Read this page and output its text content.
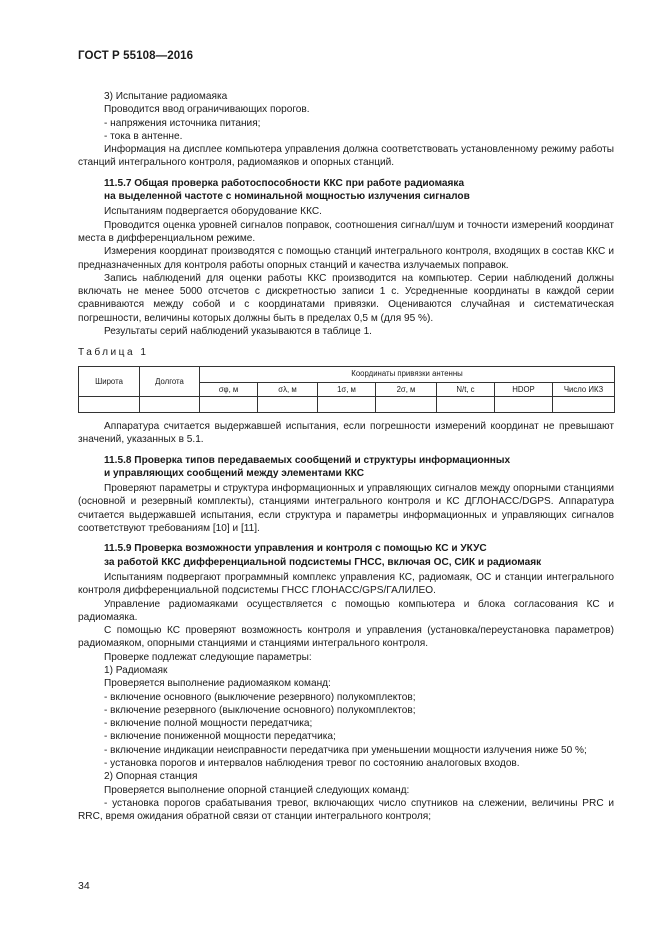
ГОСТ Р 55108—2016
3) Испытание радиомаяка
Проводится ввод ограничивающих порогов.
- напряжения источника питания;
- тока в антенне.
Информация на дисплее компьютера управления должна соответствовать установленному режиму работы станций интегрального контроля, радиомаяков и опорных станций.
11.5.7 Общая проверка работоспособности ККС при работе радиомаяка
на выделенной частоте с номинальной мощностью излучения сигналов
Испытаниям подвергается оборудование ККС.
Проводится оценка уровней сигналов поправок, соотношения сигнал/шум и точности измерений координат места в дифференциальном режиме.
Измерения координат производятся с помощью станций интегрального контроля, входящих в состав ККС и предназначенных для контроля работы опорных станций и качества излучаемых поправок.
Запись наблюдений для оценки работы ККС производится на компьютер. Серии наблюдений должны включать не менее 5000 отсчетов с дискретностью записи 1 с. Усредненные координаты в каждой серии сравниваются между собой и с координатами привязки. Оцениваются случайная и систематическая погрешности, величины которых должны быть в пределах 0,5 м (для 95 %).
Результаты серий наблюдений указываются в таблице 1.
Таблица 1
Широта	Долгота	Координаты привязки антенны						
		σφ, м	σλ, м	1σ, м	2σ, м	N/t, с	HDOP	Число ИКЗ

Аппаратура считается выдержавшей испытания, если погрешности измерений координат не превышают значений, указанных в 5.1.
11.5.8 Проверка типов передаваемых сообщений и структуры информационных
и управляющих сообщений между элементами ККС
Проверяют параметры и структура информационных и управляющих сигналов между опорными станциями (основной и резервный комплекты), станциями интегрального контроля и КС ДГЛОНАСС/DGPS. Аппаратура считается выдержавшей испытания, если структура и параметры информационных и управляющих сигналов соответствуют требованиям [10] и [11].
11.5.9 Проверка возможности управления и контроля с помощью КС и УКУС
за работой ККС дифференциальной подсистемы ГНСС, включая ОС, СИК и радиомаяк
Испытаниям подвергают программный комплекс управления КС, радиомаяк, ОС и станции интегрального контроля дифференциальной подсистемы ГНСС ГЛОНАСС/GPS/ГАЛИЛЕО.
Управление радиомаяками осуществляется с помощью компьютера и блока согласования КС и радиомаяка.
С помощью КС проверяют возможность контроля и управления (установка/переустановка параметров) радиомаяком, опорными станциями и станциями интегрального контроля.
Проверке подлежат следующие параметры:
1) Радиомаяк
Проверяется выполнение радиомаяком команд:
- включение основного (выключение резервного) полукомплектов;
- включение резервного (выключение основного) полукомплектов;
- включение полной мощности передатчика;
- включение пониженной мощности передатчика;
- включение индикации неисправности передатчика при уменьшении мощности излучения ниже 50 %;
- установка порогов и интервалов наблюдения тревог по состоянию аналоговых входов.
2) Опорная станция
Проверяется выполнение опорной станцией следующих команд:
- установка порогов срабатывания тревог, включающих число спутников на слежении, величины PRC и RRC, время ожидания обратной связи от станции интегрального контроля;
34
